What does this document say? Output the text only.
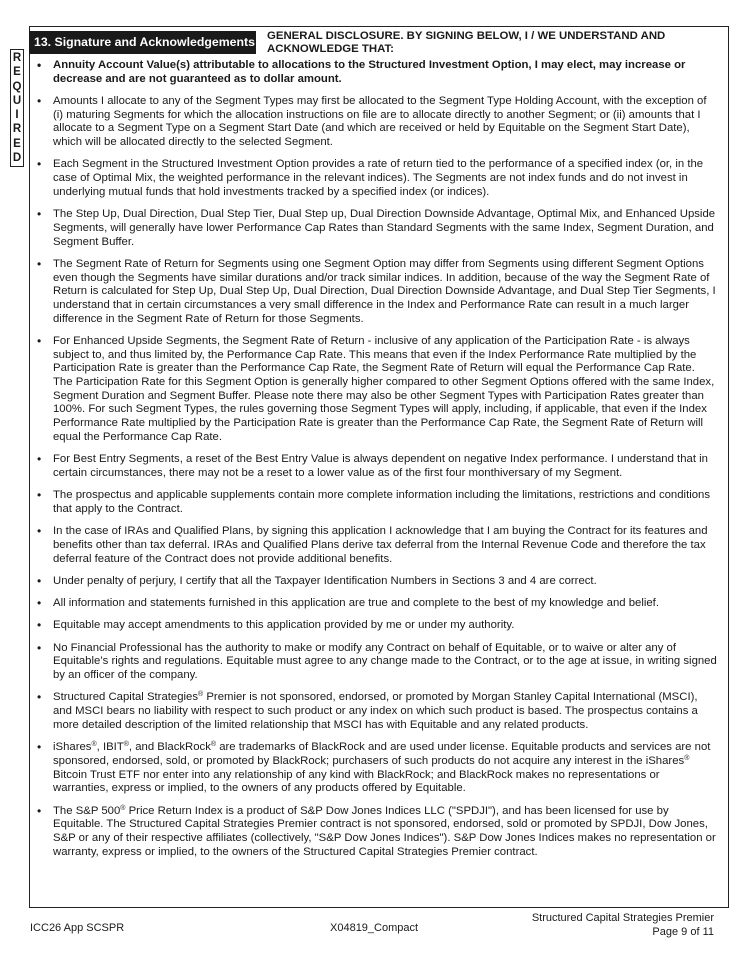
13. Signature and Acknowledgements GENERAL DISCLOSURE. BY SIGNING BELOW, I / WE UNDERSTAND AND ACKNOWLEDGE THAT:
R
E
Q
U
I
R
E
D
• Annuity Account Value(s) attributable to allocations to the Structured Investment Option, I may elect, may increase or decrease and are not guaranteed as to dollar amount.
• Amounts I allocate to any of the Segment Types may first be allocated to the Segment Type Holding Account, with the exception of (i) maturing Segments for which the allocation instructions on file are to allocate directly to another Segment; or (ii) amounts that I allocate to a Segment Type on a Segment Start Date (and which are received or held by Equitable on the Segment Start Date), which will be allocated directly to the selected Segment.
• Each Segment in the Structured Investment Option provides a rate of return tied to the performance of a specified index (or, in the case of Optimal Mix, the weighted performance in the relevant indices). The Segments are not index funds and do not invest in underlying mutual funds that hold investments tracked by a specified index (or indices).
• The Step Up, Dual Direction, Dual Step Tier, Dual Step up, Dual Direction Downside Advantage, Optimal Mix, and Enhanced Upside Segments, will generally have lower Performance Cap Rates than Standard Segments with the same Index, Segment Duration, and Segment Buffer.
• The Segment Rate of Return for Segments using one Segment Option may differ from Segments using different Segment Options even though the Segments have similar durations and/or track similar indices. In addition, because of the way the Segment Rate of Return is calculated for Step Up, Dual Step Up, Dual Direction, Dual Direction Downside Advantage, and Dual Step Tier Segments, I understand that in certain circumstances a very small difference in the Index and Performance Rate can result in a much larger difference in the Segment Rate of Return for those Segments.
• For Enhanced Upside Segments, the Segment Rate of Return - inclusive of any application of the Participation Rate - is always subject to, and thus limited by, the Performance Cap Rate. This means that even if the Index Performance Rate multiplied by the Participation Rate is greater than the Performance Cap Rate, the Segment Rate of Return will equal the Performance Cap Rate. The Participation Rate for this Segment Option is generally higher compared to other Segment Options offered with the same Index, Segment Duration and Segment Buffer. Please note there may also be other Segment Types with Participation Rates greater than 100%. For such Segment Types, the rules governing those Segment Types will apply, including, if applicable, that even if the Index Performance Rate multiplied by the Participation Rate is greater than the Performance Cap Rate, the Segment Rate of Return will equal the Performance Cap Rate.
• For Best Entry Segments, a reset of the Best Entry Value is always dependent on negative Index performance. I understand that in certain circumstances, there may not be a reset to a lower value as of the first four monthiversary of my Segment.
• The prospectus and applicable supplements contain more complete information including the limitations, restrictions and conditions that apply to the Contract.
• In the case of IRAs and Qualified Plans, by signing this application I acknowledge that I am buying the Contract for its features and benefits other than tax deferral. IRAs and Qualified Plans derive tax deferral from the Internal Revenue Code and therefore the tax deferral feature of the Contract does not provide additional benefits.
• Under penalty of perjury, I certify that all the Taxpayer Identification Numbers in Sections 3 and 4 are correct.
• All information and statements furnished in this application are true and complete to the best of my knowledge and belief.
• Equitable may accept amendments to this application provided by me or under my authority.
• No Financial Professional has the authority to make or modify any Contract on behalf of Equitable, or to waive or alter any of Equitable’s rights and regulations. Equitable must agree to any change made to the Contract, or to the age at issue, in writing signed by an officer of the company.
• Structured Capital Strategies® Premier is not sponsored, endorsed, or promoted by Morgan Stanley Capital International (MSCI), and MSCI bears no liability with respect to such product or any index on which such product is based. The prospectus contains a more detailed description of the limited relationship that MSCI has with Equitable and any related products.
• iShares®, IBIT®, and BlackRock® are trademarks of BlackRock and are used under license. Equitable products and services are not sponsored, endorsed, sold, or promoted by BlackRock; purchasers of such products do not acquire any interest in the iShares® Bitcoin Trust ETF nor enter into any relationship of any kind with BlackRock; and BlackRock makes no representations or warranties, express or implied, to the owners of any products offered by Equitable.
• The S&P 500® Price Return Index is a product of S&P Dow Jones Indices LLC ("SPDJI"), and has been licensed for use by Equitable. The Structured Capital Strategies Premier contract is not sponsored, endorsed, sold or promoted by SPDJI, Dow Jones, S&P or any of their respective affiliates (collectively, "S&P Dow Jones Indices"). S&P Dow Jones Indices makes no representation or warranty, express or implied, to the owners of the Structured Capital Strategies Premier contract.
ICC26 App SCSPR	X04819_Compact
Structured Capital Strategies Premier
Page 9 of 11
